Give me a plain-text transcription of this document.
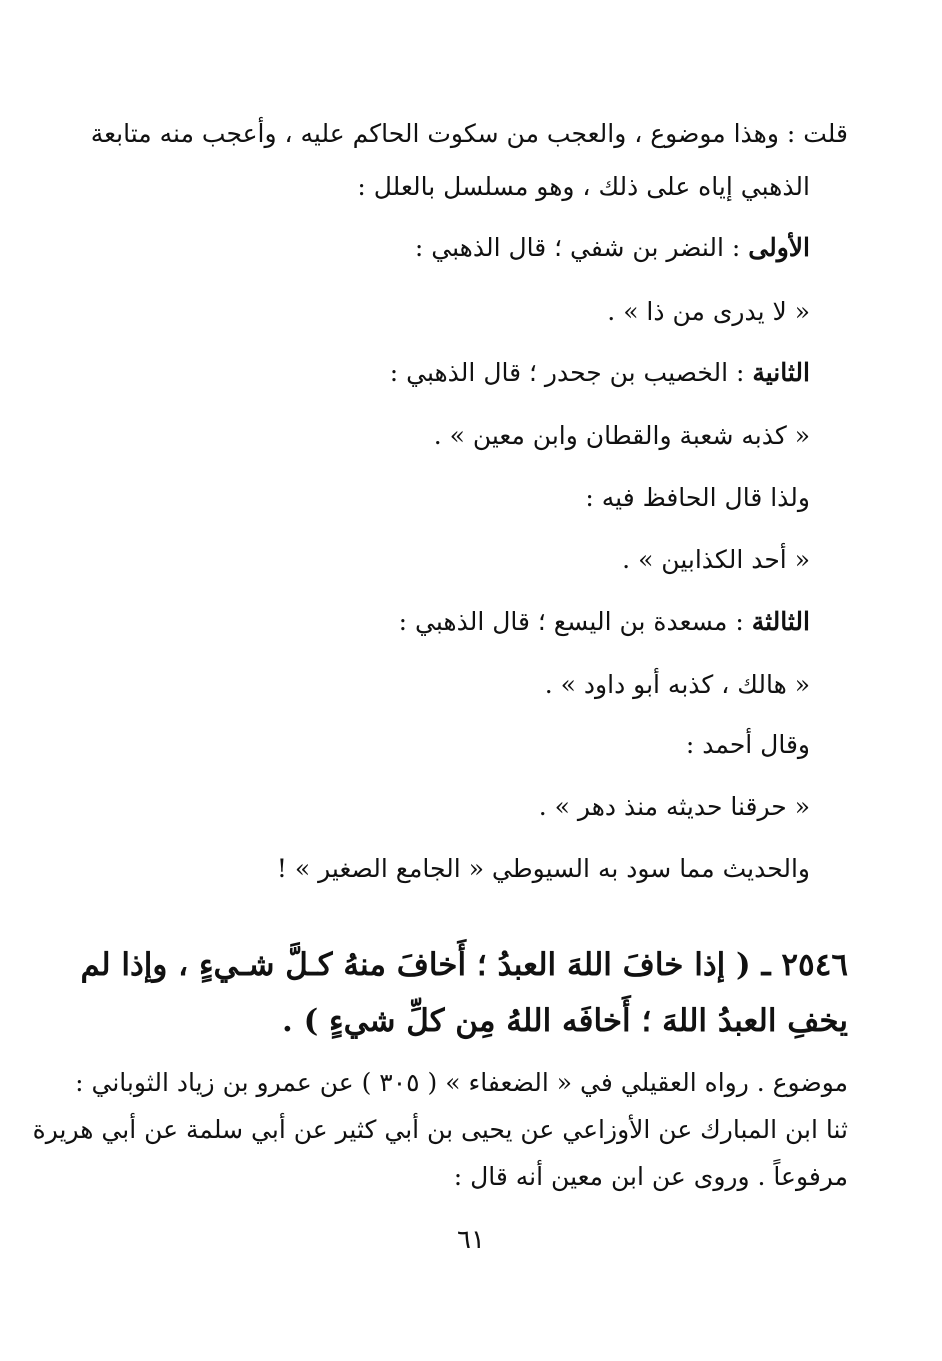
قلت : وهذا موضوع ، والعجب من سكوت الحاكم عليه ، وأعجب منه متابعة
الذهبي إياه على ذلك ، وهو مسلسل بالعلل :
الأولى : النضر بن شفي ؛ قال الذهبي :
« لا يدرى من ذا » .
الثانية : الخصيب بن جحدر ؛ قال الذهبي :
« كذبه شعبة والقطان وابن معين » .
ولذا قال الحافظ فيه :
« أحد الكذابين » .
الثالثة : مسعدة بن اليسع ؛ قال الذهبي :
« هالك ، كذبه أبو داود » .
وقال أحمد :
« حرقنا حديثه منذ دهر » .
والحديث مما سود به السيوطي « الجامع الصغير » !
٢٥٤٦ ـ ( إذا خافَ اللهَ العبدُ ؛ أَخافَ منهُ كـلَّ شـيءٍ ، وإذا لم
يخفِ العبدُ اللهَ ؛ أَخافَه اللهُ مِن كلِّ شيءٍ ) .
موضوع . رواه العقيلي في « الضعفاء » ( ٣٠٥ ) عن عمرو بن زياد الثوباني :
ثنا ابن المبارك عن الأوزاعي عن يحيى بن أبي كثير عن أبي سلمة عن أبي هريرة
مرفوعاً . وروى عن ابن معين أنه قال :
٦١
